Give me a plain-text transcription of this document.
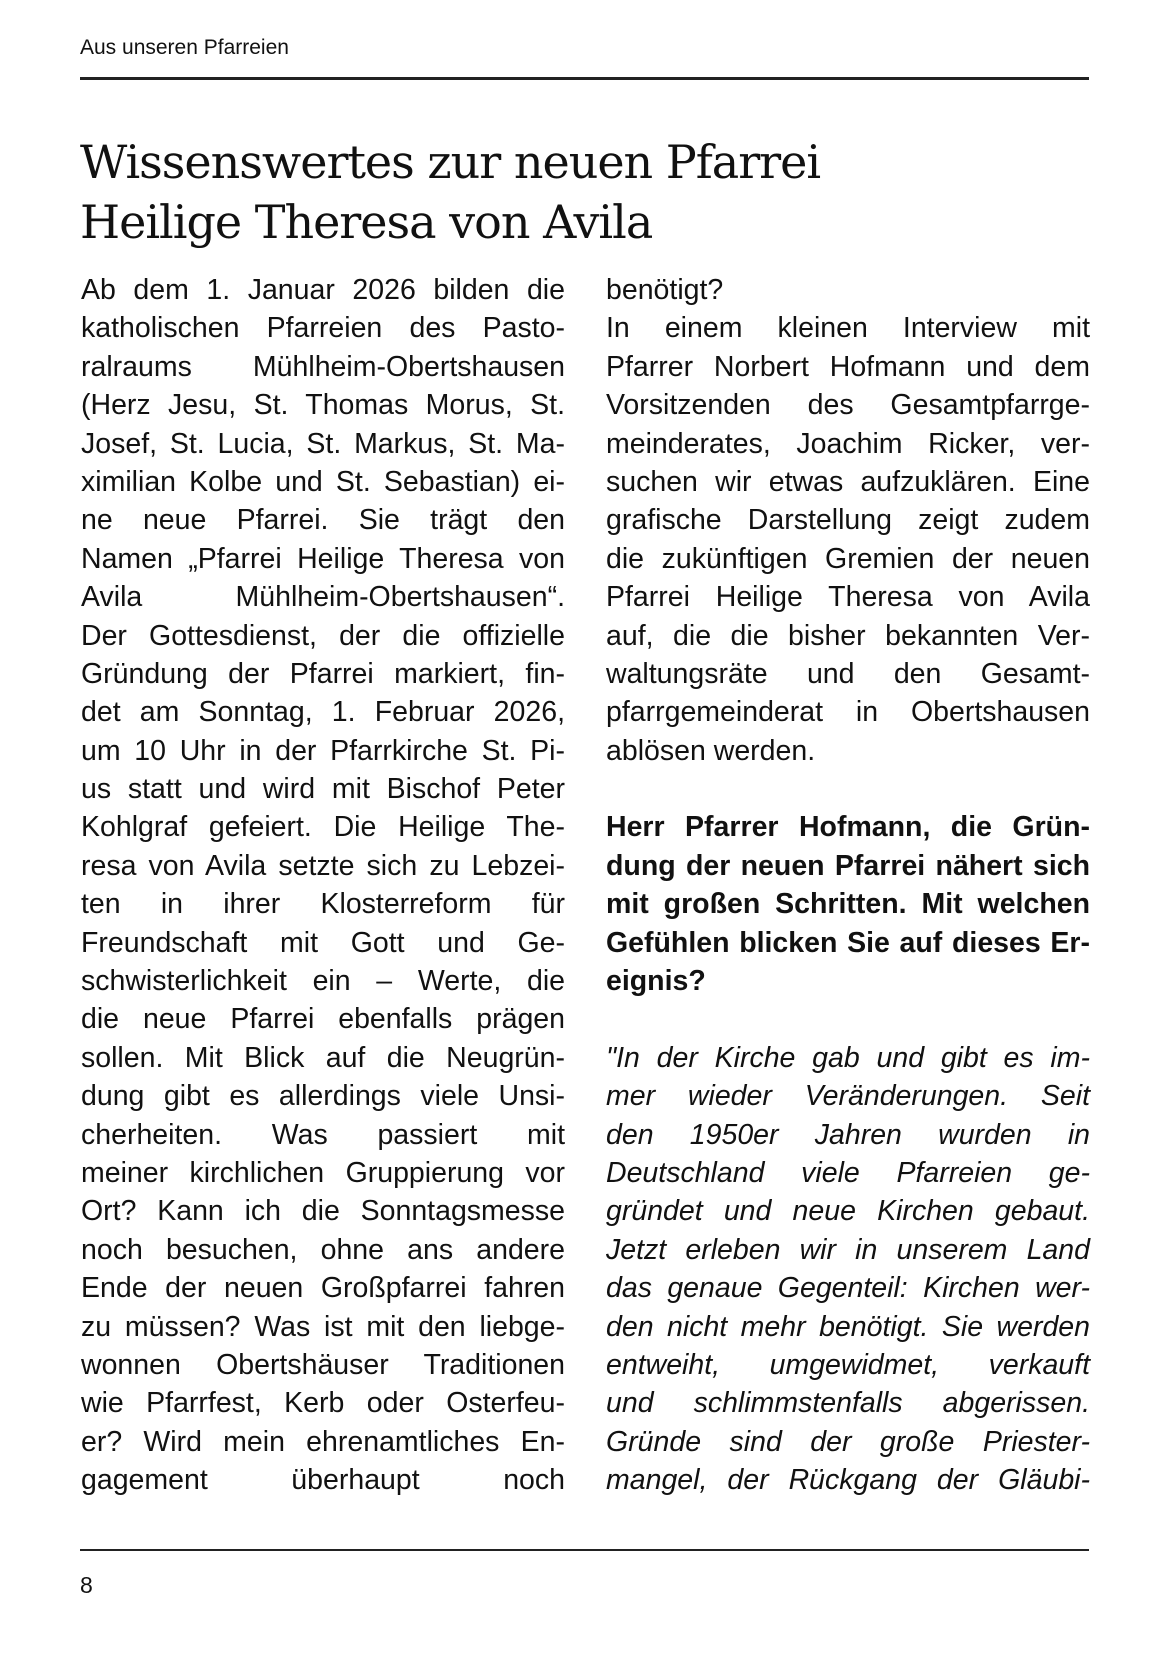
Aus unseren Pfarreien
Wissenswertes zur neuen Pfarrei
Heilige Theresa von Avila
Ab dem 1. Januar 2026 bilden die
katholischen Pfarreien des Pasto-
ralraums Mühlheim-Obertshausen
(Herz Jesu, St. Thomas Morus, St.
Josef, St. Lucia, St. Markus, St. Ma-
ximilian Kolbe und St. Sebastian) ei-
ne neue Pfarrei. Sie trägt den
Namen „Pfarrei Heilige Theresa von
Avila Mühlheim-Obertshausen“.
Der Gottesdienst, der die offizielle
Gründung der Pfarrei markiert, fin-
det am Sonntag, 1. Februar 2026,
um 10 Uhr in der Pfarrkirche St. Pi-
us statt und wird mit Bischof Peter
Kohlgraf gefeiert. Die Heilige The-
resa von Avila setzte sich zu Lebzei-
ten in ihrer Klosterreform für
Freundschaft mit Gott und Ge-
schwisterlichkeit ein – Werte, die
die neue Pfarrei ebenfalls prägen
sollen. Mit Blick auf die Neugrün-
dung gibt es allerdings viele Unsi-
cherheiten. Was passiert mit
meiner kirchlichen Gruppierung vor
Ort? Kann ich die Sonntagsmesse
noch besuchen, ohne ans andere
Ende der neuen Großpfarrei fahren
zu müssen? Was ist mit den liebge-
wonnen Obertshäuser Traditionen
wie Pfarrfest, Kerb oder Osterfeu-
er? Wird mein ehrenamtliches En-
gagement überhaupt noch
benötigt?
In einem kleinen Interview mit
Pfarrer Norbert Hofmann und dem
Vorsitzenden des Gesamtpfarrge-
meinderates, Joachim Ricker, ver-
suchen wir etwas aufzuklären. Eine
grafische Darstellung zeigt zudem
die zukünftigen Gremien der neuen
Pfarrei Heilige Theresa von Avila
auf, die die bisher bekannten Ver-
waltungsräte und den Gesamt-
pfarrgemeinderat in Obertshausen
ablösen werden.
Herr Pfarrer Hofmann, die Grün-
dung der neuen Pfarrei nähert sich
mit großen Schritten. Mit welchen
Gefühlen blicken Sie auf dieses Er-
eignis?
"In der Kirche gab und gibt es im-
mer wieder Veränderungen. Seit
den 1950er Jahren wurden in
Deutschland viele Pfarreien ge-
gründet und neue Kirchen gebaut.
Jetzt erleben wir in unserem Land
das genaue Gegenteil: Kirchen wer-
den nicht mehr benötigt. Sie werden
entweiht, umgewidmet, verkauft
und schlimmstenfalls abgerissen.
Gründe sind der große Priester-
mangel, der Rückgang der Gläubi-
8
